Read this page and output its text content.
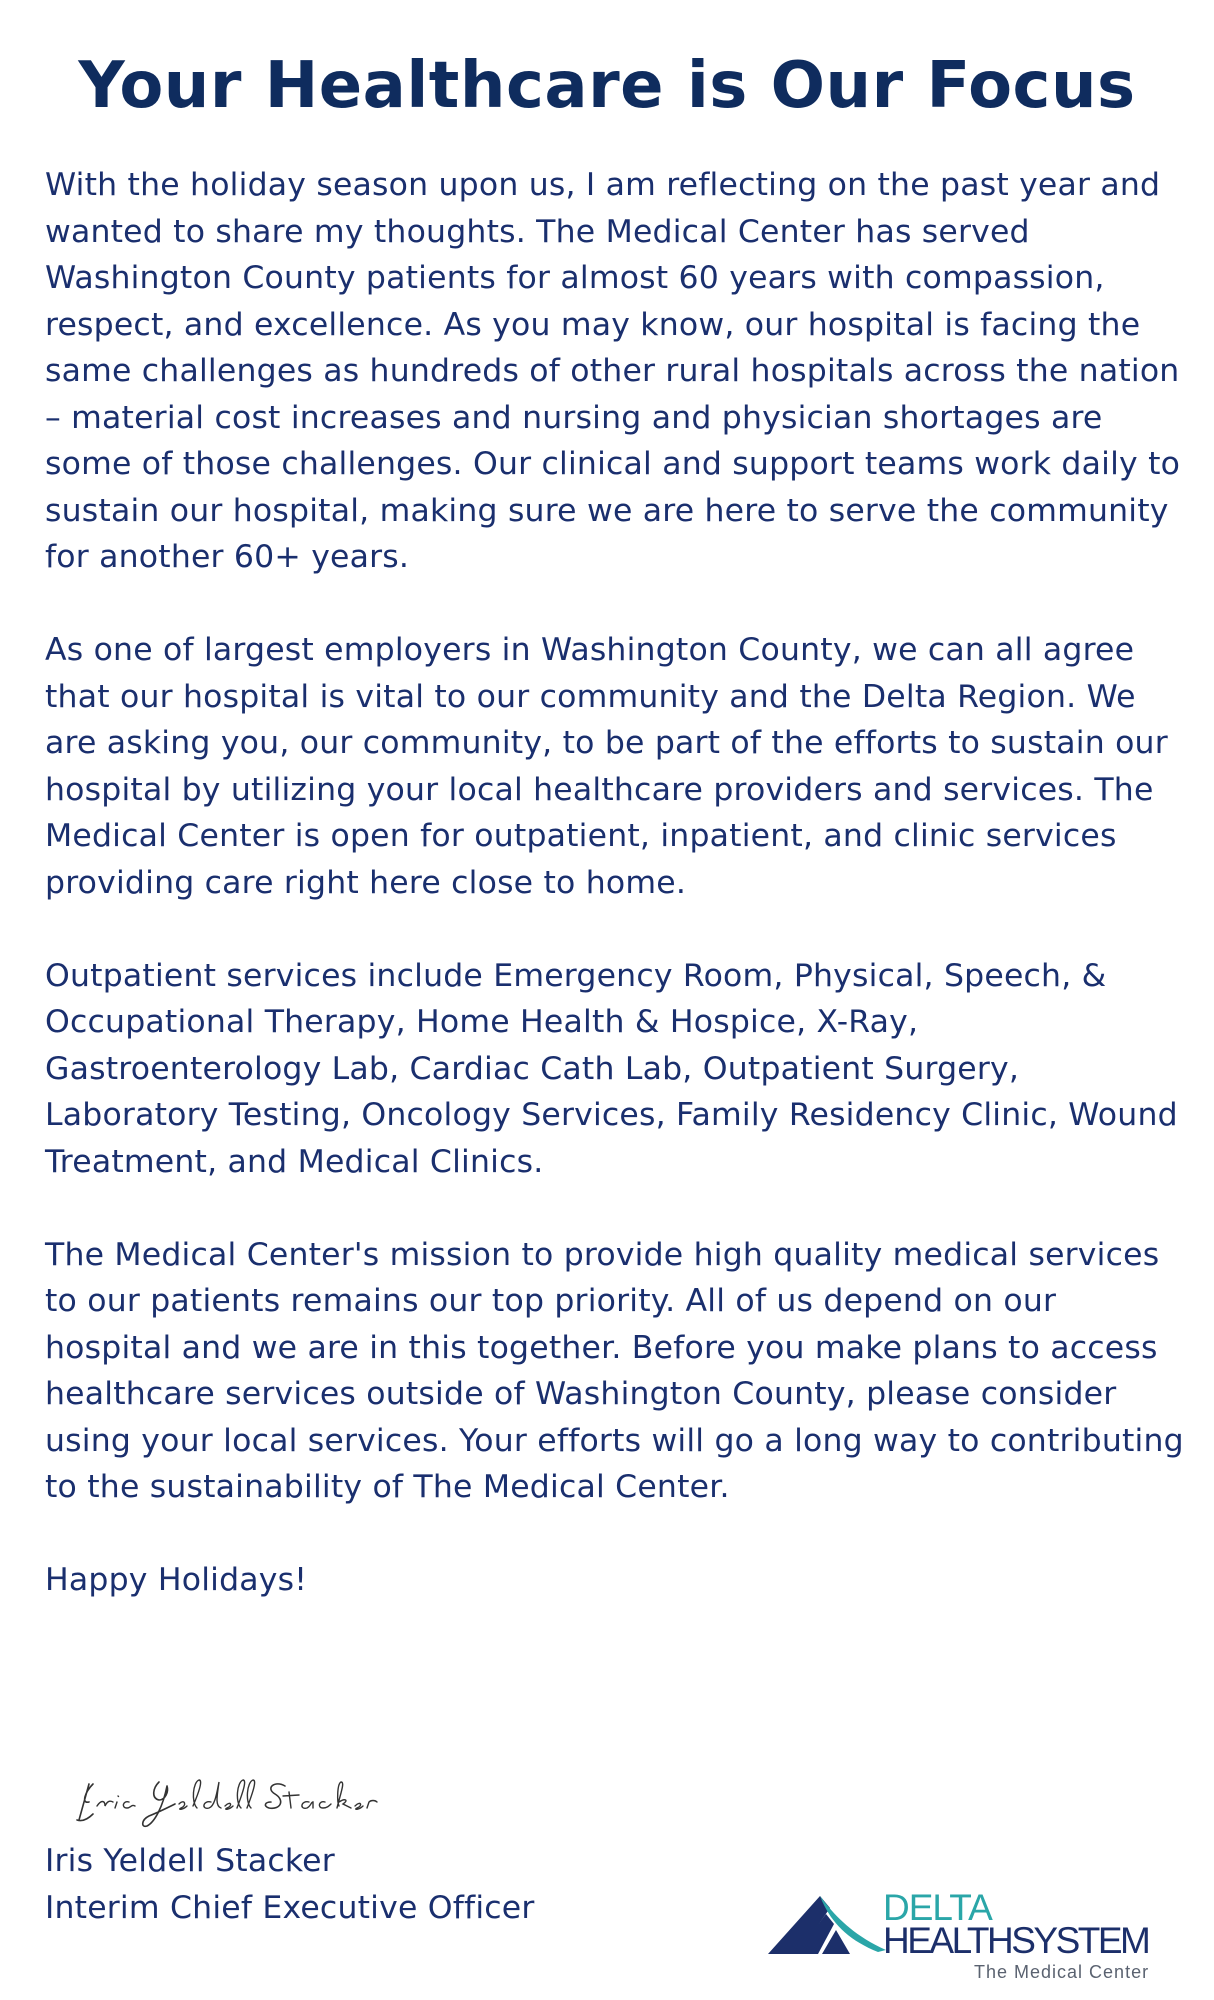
Your Healthcare is Our Focus

With the holiday season upon us, I am reflecting on the past year and wanted to share my thoughts. The Medical Center has served Washington County patients for almost 60 years with compassion, respect, and excellence. As you may know, our hospital is facing the same challenges as hundreds of other rural hospitals across the nation – material cost increases and nursing and physician shortages are some of those challenges. Our clinical and support teams work daily to sustain our hospital, making sure we are here to serve the community for another 60+ years.

As one of largest employers in Washington County, we can all agree that our hospital is vital to our community and the Delta Region. We are asking you, our community, to be part of the efforts to sustain our hospital by utilizing your local healthcare providers and services. The Medical Center is open for outpatient, inpatient, and clinic services providing care right here close to home.

Outpatient services include Emergency Room, Physical, Speech, & Occupational Therapy, Home Health & Hospice, X-Ray, Gastroenterology Lab, Cardiac Cath Lab, Outpatient Surgery, Laboratory Testing, Oncology Services, Family Residency Clinic, Wound Treatment, and Medical Clinics.

The Medical Center's mission to provide high quality medical services to our patients remains our top priority. All of us depend on our hospital and we are in this together. Before you make plans to access healthcare services outside of Washington County, please consider using your local services. Your efforts will go a long way to contributing to the sustainability of The Medical Center.

Happy Holidays!

Iris Yeldell Stacker
Interim Chief Executive Officer	DELTA
HEALTHSYSTEM
The Medical Center
